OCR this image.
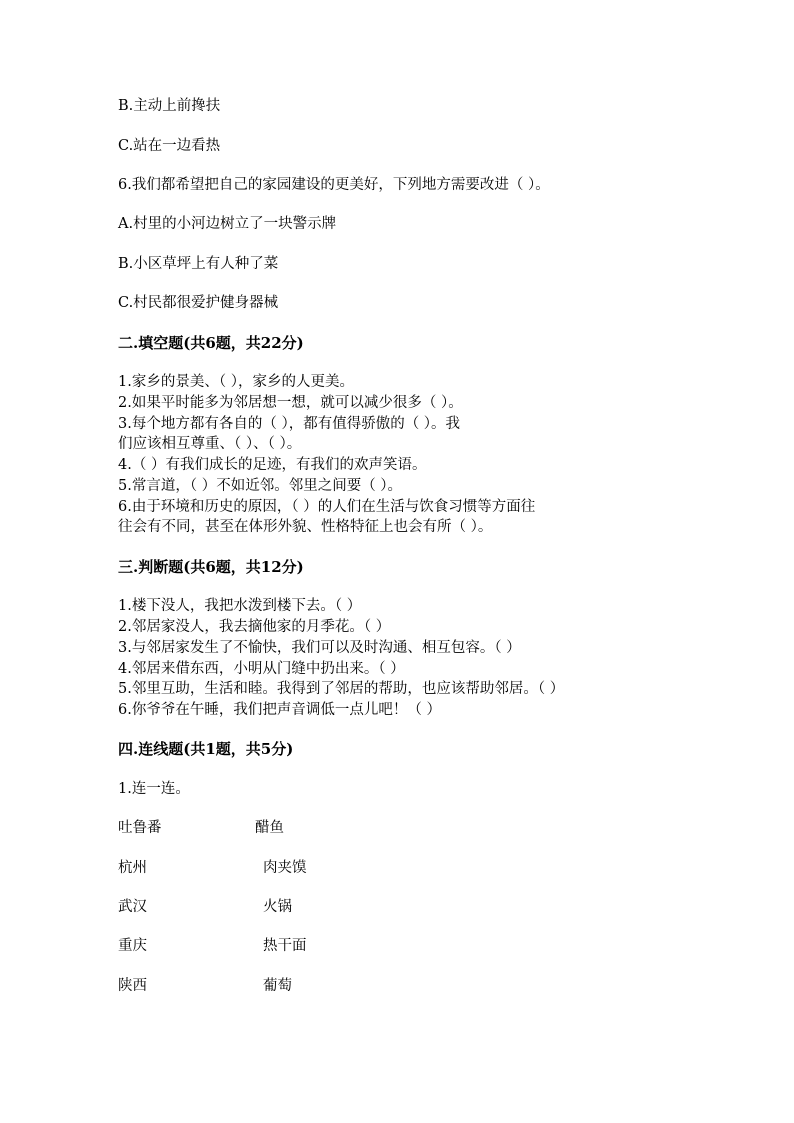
B.主动上前搀扶
C.站在一边看热
6.我们都希望把自己的家园建设的更美好，下列地方需要改进（ ）。
A.村里的小河边树立了一块警示牌
B.小区草坪上有人种了菜
C.村民都很爱护健身器械
二.填空题(共6题，共22分)
1.家乡的景美、（ ），家乡的人更美。
2.如果平时能多为邻居想一想，就可以减少很多（ ）。
3.每个地方都有各自的（ ），都有值得骄傲的（ ）。我
们应该相互尊重、（ ）、（ ）。
4.（ ）有我们成长的足迹，有我们的欢声笑语。
5.常言道，（ ）不如近邻。邻里之间要（ ）。
6.由于环境和历史的原因，（ ）的人们在生活与饮食习惯等方面往
往会有不同，甚至在体形外貌、性格特征上也会有所（ ）。
三.判断题(共6题，共12分)
1.楼下没人，我把水泼到楼下去。（ ）
2.邻居家没人，我去摘他家的月季花。（ ）
3.与邻居家发生了不愉快，我们可以及时沟通、相互包容。（ ）
4.邻居来借东西，小明从门缝中扔出来。（ ）
5.邻里互助，生活和睦。我得到了邻居的帮助，也应该帮助邻居。（ ）
6.你爷爷在午睡，我们把声音调低一点儿吧！（ ）
四.连线题(共1题，共5分)
1.连一连。
吐鲁番	醋鱼
杭州	肉夹馍
武汉	火锅
重庆	热干面
陕西	葡萄
